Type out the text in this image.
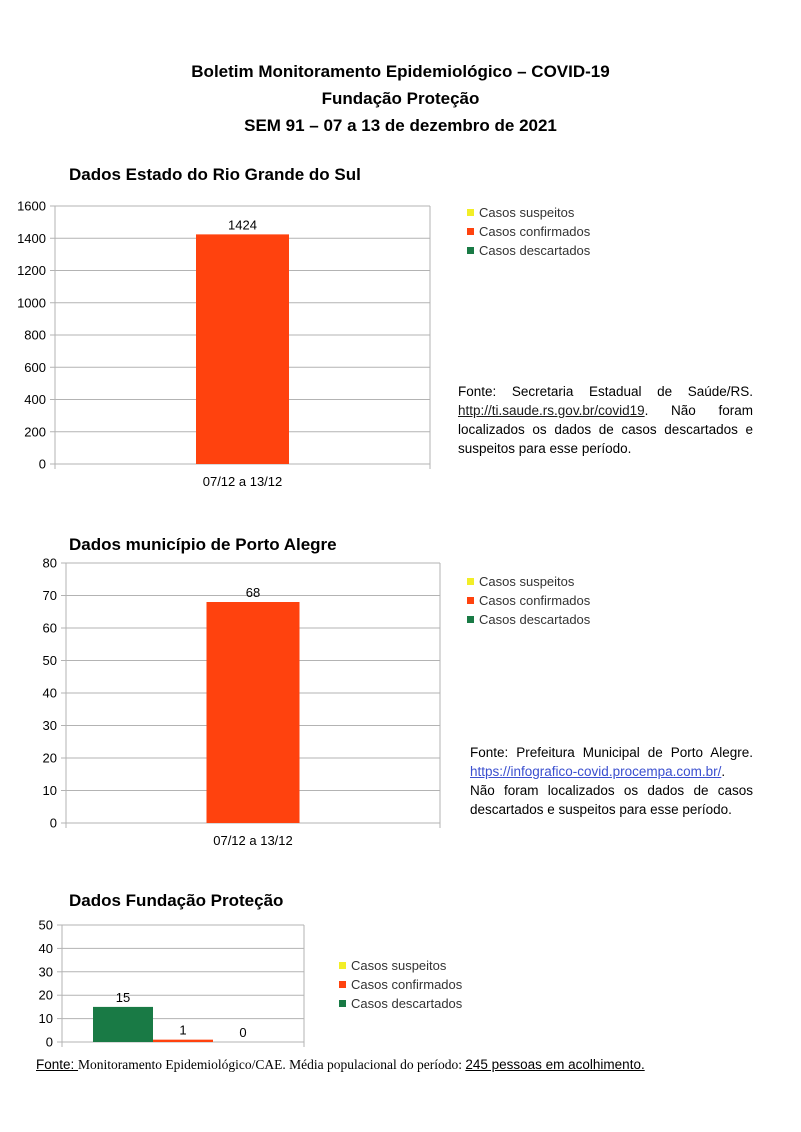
Boletim Monitoramento Epidemiológico – COVID-19
Fundação Proteção
SEM 91 – 07 a 13 de dezembro de 2021
Dados Estado do Rio Grande do Sul
0
200
400
600
800
1000
1200
1400
1600
1424
07/12 a 13/12
Casos suspeitos
Casos confirmados
Casos descartados
Fonte: Secretaria Estadual de Saúde/RS. http://ti.saude.rs.gov.br/covid19. Não foram localizados os dados de casos descartados e suspeitos para esse período.
Dados município de Porto Alegre
0
10
20
30
40
50
60
70
80
68
07/12 a 13/12
Casos suspeitos
Casos confirmados
Casos descartados
Fonte: Prefeitura Municipal de Porto Alegre. https://infografico-covid.procempa.com.br/. Não foram localizados os dados de casos descartados e suspeitos para esse período.
Dados Fundação Proteção
0
10
20
30
40
50
15
1	0
Casos suspeitos
Casos confirmados
Casos descartados
Fonte: Monitoramento Epidemiológico/CAE. Média populacional do período: 245 pessoas em acolhimento.
